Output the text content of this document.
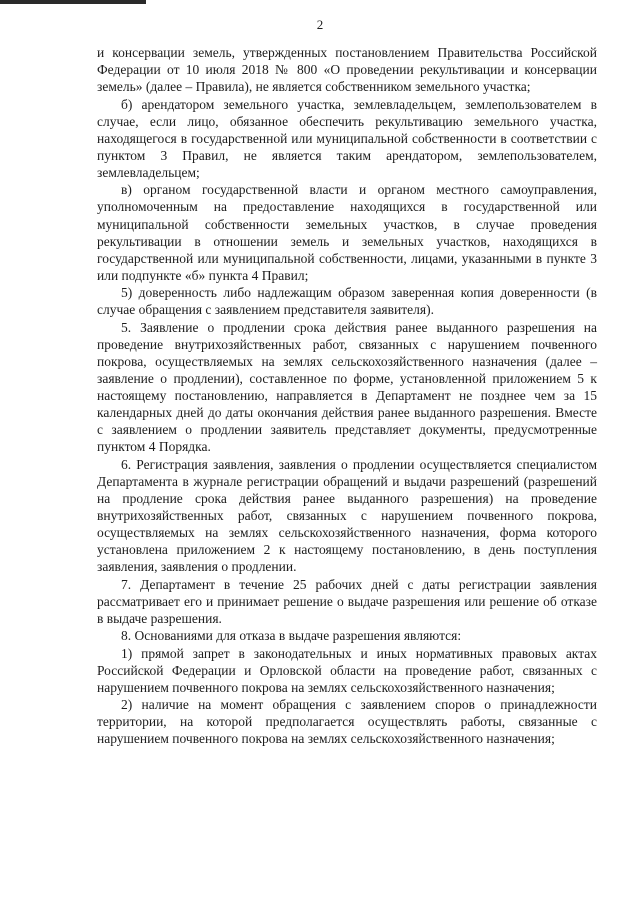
2

и консервации земель, утвержденных постановлением Правительства Российской Федерации от 10 июля 2018 № 800 «О проведении рекультивации и консервации земель» (далее – Правила), не является собственником земельного участка;

б) арендатором земельного участка, землевладельцем, землепользователем в случае, если лицо, обязанное обеспечить рекультивацию земельного участка, находящегося в государственной или муниципальной собственности в соответствии с пунктом 3 Правил, не является таким арендатором, землепользователем, землевладельцем;

в) органом государственной власти и органом местного самоуправления, уполномоченным на предоставление находящихся в государственной или муниципальной собственности земельных участков, в случае проведения рекультивации в отношении земель и земельных участков, находящихся в государственной или муниципальной собственности, лицами, указанными в пункте 3 или подпункте «б» пункта 4 Правил;

5) доверенность либо надлежащим образом заверенная копия доверенности (в случае обращения с заявлением представителя заявителя).

5. Заявление о продлении срока действия ранее выданного разрешения на проведение внутрихозяйственных работ, связанных с нарушением почвенного покрова, осуществляемых на землях сельскохозяйственного назначения (далее – заявление о продлении), составленное по форме, установленной приложением 5 к настоящему постановлению, направляется в Департамент не позднее чем за 15 календарных дней до даты окончания действия ранее выданного разрешения. Вместе с заявлением о продлении заявитель представляет документы, предусмотренные пунктом 4 Порядка.

6. Регистрация заявления, заявления о продлении осуществляется специалистом Департамента в журнале регистрации обращений и выдачи разрешений (разрешений на продление срока действия ранее выданного разрешения) на проведение внутрихозяйственных работ, связанных с нарушением почвенного покрова, осуществляемых на землях сельскохозяйственного назначения, форма которого установлена приложением 2 к настоящему постановлению, в день поступления заявления, заявления о продлении.

7. Департамент в течение 25 рабочих дней с даты регистрации заявления рассматривает его и принимает решение о выдаче разрешения или решение об отказе в выдаче разрешения.

8. Основаниями для отказа в выдаче разрешения являются:

1) прямой запрет в законодательных и иных нормативных правовых актах Российской Федерации и Орловской области на проведение работ, связанных с нарушением почвенного покрова на землях сельскохозяйственного назначения;

2) наличие на момент обращения с заявлением споров о принадлежности территории, на которой предполагается осуществлять работы, связанные с нарушением почвенного покрова на землях сельскохозяйственного назначения;
